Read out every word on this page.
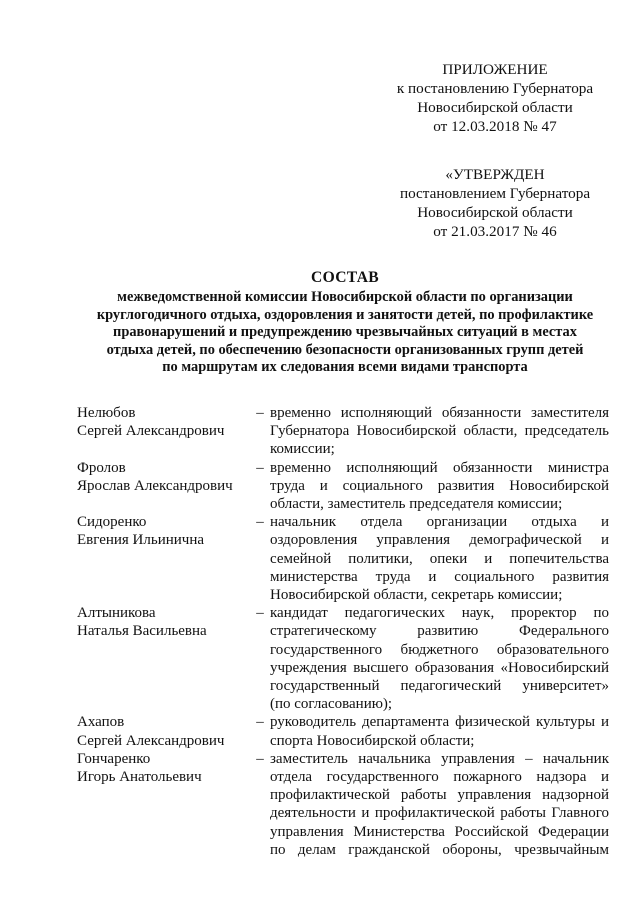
ПРИЛОЖЕНИЕ
к постановлению Губернатора
Новосибирской области
от 12.03.2018 № 47
«УТВЕРЖДЕН
постановлением Губернатора
Новосибирской области
от 21.03.2017 № 46
СОСТАВ
межведомственной комиссии Новосибирской области по организации
круглогодичного отдыха, оздоровления и занятости детей, по профилактике
правонарушений и предупреждению чрезвычайных ситуаций в местах
отдыха детей, по обеспечению безопасности организованных групп детей
по маршрутам их следования всеми видами транспорта
Нелюбов
Сергей Александрович
– временно исполняющий обязанности заместителя
Губернатора Новосибирской области, председатель
комиссии;
Фролов
Ярослав Александрович
– временно исполняющий обязанности министра
труда и социального развития Новосибирской
области, заместитель председателя комиссии;
Сидоренко
Евгения Ильинична
– начальник отдела организации отдыха и
оздоровления управления демографической и
семейной политики, опеки и попечительства
министерства труда и социального развития
Новосибирской области, секретарь комиссии;
Алтыникова
Наталья Васильевна
– кандидат педагогических наук, проректор по
стратегическому развитию Федерального
государственного бюджетного образовательного
учреждения высшего образования «Новосибирский
государственный педагогический университет»
(по согласованию);
Ахапов
Сергей Александрович
– руководитель департамента физической культуры и
спорта Новосибирской области;
Гончаренко
Игорь Анатольевич
– заместитель начальника управления – начальник
отдела государственного пожарного надзора и
профилактической работы управления надзорной
деятельности и профилактической работы Главного
управления Министерства Российской Федерации
по делам гражданской обороны, чрезвычайным
